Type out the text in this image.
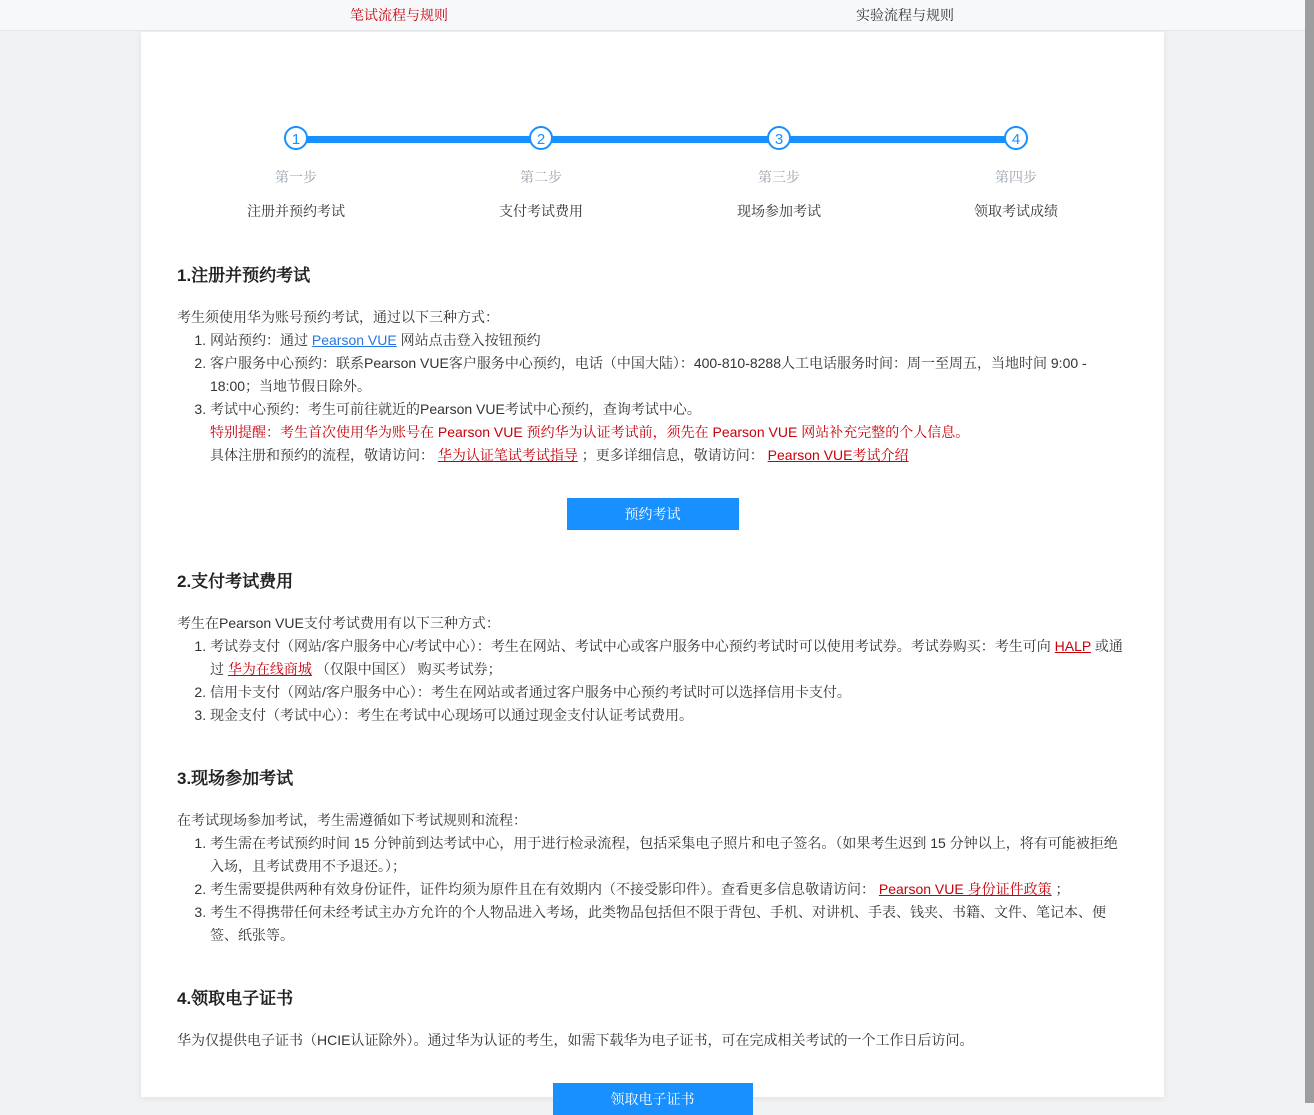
笔试流程与规则	实验流程与规则
1
第一步
注册并预约考试
2
第二步
支付考试费用
3
第三步
现场参加考试
4
第四步
领取考试成绩
1.注册并预约考试

考生须使用华为账号预约考试，通过以下三种方式：

1. 网站预约：通过 Pearson VUE 网站点击登入按钮预约
2. 客户服务中心预约：联系Pearson VUE客户服务中心预约，电话（中国大陆）：400-810-8288人工电话服务时间：周一至周五，当地时间 9:00 - 18:00；当地节假日除外。
3. 考试中心预约：考生可前往就近的Pearson VUE考试中心预约，查询考试中心。
特别提醒：考生首次使用华为账号在 Pearson VUE 预约华为认证考试前，须先在 Pearson VUE 网站补充完整的个人信息。
具体注册和预约的流程，敬请访问： 华为认证笔试考试指导 ；更多详细信息，敬请访问： Pearson VUE考试介绍
预约考试
2.支付考试费用

考生在Pearson VUE支付考试费用有以下三种方式：

1. 考试券支付（网站/客户服务中心/考试中心）：考生在网站、考试中心或客户服务中心预约考试时可以使用考试券。考试券购买：考生可向 HALP 或通过 华为在线商城 （仅限中国区） 购买考试券；
2. 信用卡支付（网站/客户服务中心）：考生在网站或者通过客户服务中心预约考试时可以选择信用卡支付。
3. 现金支付（考试中心）：考生在考试中心现场可以通过现金支付认证考试费用。
3.现场参加考试

在考试现场参加考试，考生需遵循如下考试规则和流程：

1. 考生需在考试预约时间 15 分钟前到达考试中心，用于进行检录流程，包括采集电子照片和电子签名。（如果考生迟到 15 分钟以上，将有可能被拒绝入场，且考试费用不予退还。）；
2. 考生需要提供两种有效身份证件，证件均须为原件且在有效期内（不接受影印件）。查看更多信息敬请访问： Pearson VUE 身份证件政策 ；
3. 考生不得携带任何未经考试主办方允许的个人物品进入考场，此类物品包括但不限于背包、手机、对讲机、手表、钱夹、书籍、文件、笔记本、便签、纸张等。
4.领取电子证书

华为仅提供电子证书（HCIE认证除外）。通过华为认证的考生，如需下载华为电子证书，可在完成相关考试的一个工作日后访问。

领取电子证书
